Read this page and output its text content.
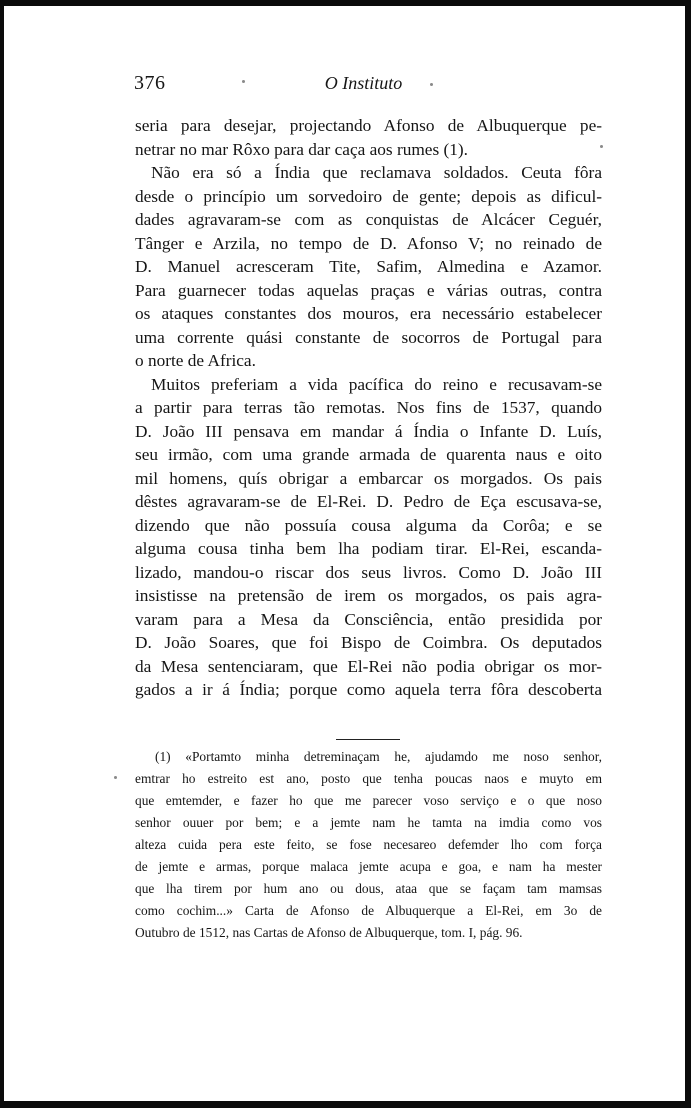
376	O Instituto
seria para desejar, projectando Afonso de Albuquerque pe-
netrar no mar Rôxo para dar caça aos rumes (1).
Não era só a Índia que reclamava soldados. Ceuta fôra
desde o princípio um sorvedoiro de gente; depois as dificul-
dades agravaram-se com as conquistas de Alcácer Ceguér,
Tânger e Arzila, no tempo de D. Afonso V; no reinado de
D. Manuel acresceram Tite, Safim, Almedina e Azamor.
Para guarnecer todas aquelas praças e várias outras, contra
os ataques constantes dos mouros, era necessário estabelecer
uma corrente quási constante de socorros de Portugal para
o norte de Africa.
Muitos preferiam a vida pacífica do reino e recusavam-se
a partir para terras tão remotas. Nos fins de 1537, quando
D. João III pensava em mandar á Índia o Infante D. Luís,
seu irmão, com uma grande armada de quarenta naus e oito
mil homens, quís obrigar a embarcar os morgados. Os pais
dêstes agravaram-se de El-Rei. D. Pedro de Eça escusava-se,
dizendo que não possuía cousa alguma da Corôa; e se
alguma cousa tinha bem lha podiam tirar. El-Rei, escanda-
lizado, mandou-o riscar dos seus livros. Como D. João III
insistisse na pretensão de irem os morgados, os pais agra-
varam para a Mesa da Consciência, então presidida por
D. João Soares, que foi Bispo de Coimbra. Os deputados
da Mesa sentenciaram, que El-Rei não podia obrigar os mor-
gados a ir á Índia; porque como aquela terra fôra descoberta
(1) «Portamto minha detreminaçam he, ajudamdo me noso senhor,
emtrar ho estreito est ano, posto que tenha poucas naos e muyto em
que emtemder, e fazer ho que me parecer voso serviço e o que noso
senhor ouuer por bem; e a jemte nam he tamta na imdia como vos
alteza cuida pera este feito, se fose necesareo defemder lho com força
de jemte e armas, porque malaca jemte acupa e goa, e nam ha mester
que lha tirem por hum ano ou dous, ataa que se façam tam mamsas
como cochim...» Carta de Afonso de Albuquerque a El-Rei, em 3o de
Outubro de 1512, nas Cartas de Afonso de Albuquerque, tom. I, pág. 96.
